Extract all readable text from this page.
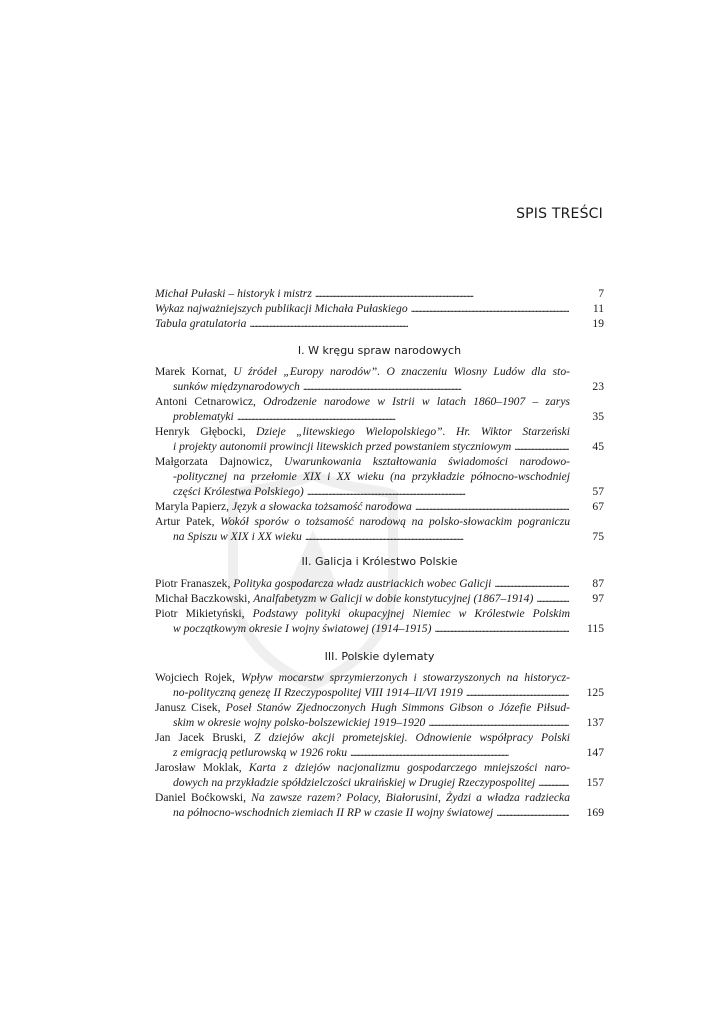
SPIS TREŚCI
Michał Pułaski – historyk i mistrz . . .	7
Wykaz najważniejszych publikacji Michała Pułaskiego . . .	11
Tabula gratulatoria . . .	19
Marek Kornat, U źródeł „Europy narodów”. O znaczeniu Wiosny Ludów dla sto-
sunków międzynarodowych . . .	23
Antoni Cetnarowicz, Odrodzenie narodowe w Istrii w latach 1860–1907 – zarys
problematyki . . .	35
Henryk Głębocki, Dzieje „litewskiego Wielopolskiego”. Hr. Wiktor Starzeński
i projekty autonomii prowincji litewskich przed powstaniem styczniowym . . .	45
Małgorzata Dajnowicz, Uwarunkowania kształtowania świadomości narodowo-
-politycznej na przełomie XIX i XX wieku (na przykładzie północno-wschodniej
części Królestwa Polskiego) . . .	57
Maryla Papierz, Język a słowacka tożsamość narodowa . . .	67
Artur Patek, Wokół sporów o tożsamość narodową na polsko-słowackim pograniczu
na Spiszu w XIX i XX wieku . . .	75
Piotr Franaszek, Polityka gospodarcza władz austriackich wobec Galicji . . .	87
Michał Baczkowski, Analfabetyzm w Galicji w dobie konstytucyjnej (1867–1914) . . .	97
Piotr Mikietyński, Podstawy polityki okupacyjnej Niemiec w Królestwie Polskim
w początkowym okresie I wojny światowej (1914–1915) . . .	115
Wojciech Rojek, Wpływ mocarstw sprzymierzonych i stowarzyszonych na historycz-
no-polityczną genezę II Rzeczypospolitej VIII 1914–II/VI 1919 . . .	125
Janusz Cisek, Poseł Stanów Zjednoczonych Hugh Simmons Gibson o Józefie Piłsud-
skim w okresie wojny polsko-bolszewickiej 1919–1920 . . .	137
Jan Jacek Bruski, Z dziejów akcji prometejskiej. Odnowienie współpracy Polski
z emigracją petlurowską w 1926 roku . . .	147
Jarosław Moklak, Karta z dziejów nacjonalizmu gospodarczego mniejszości naro-
dowych na przykładzie spółdzielczości ukraińskiej w Drugiej Rzeczypospolitej . . .	157
Daniel Boćkowski, Na zawsze razem? Polacy, Białorusini, Żydzi a władza radziecka
na północno-wschodnich ziemiach II RP w czasie II wojny światowej . . .	169
I. W kręgu spraw narodowych
II. Galicja i Królestwo Polskie
III. Polskie dylematy
